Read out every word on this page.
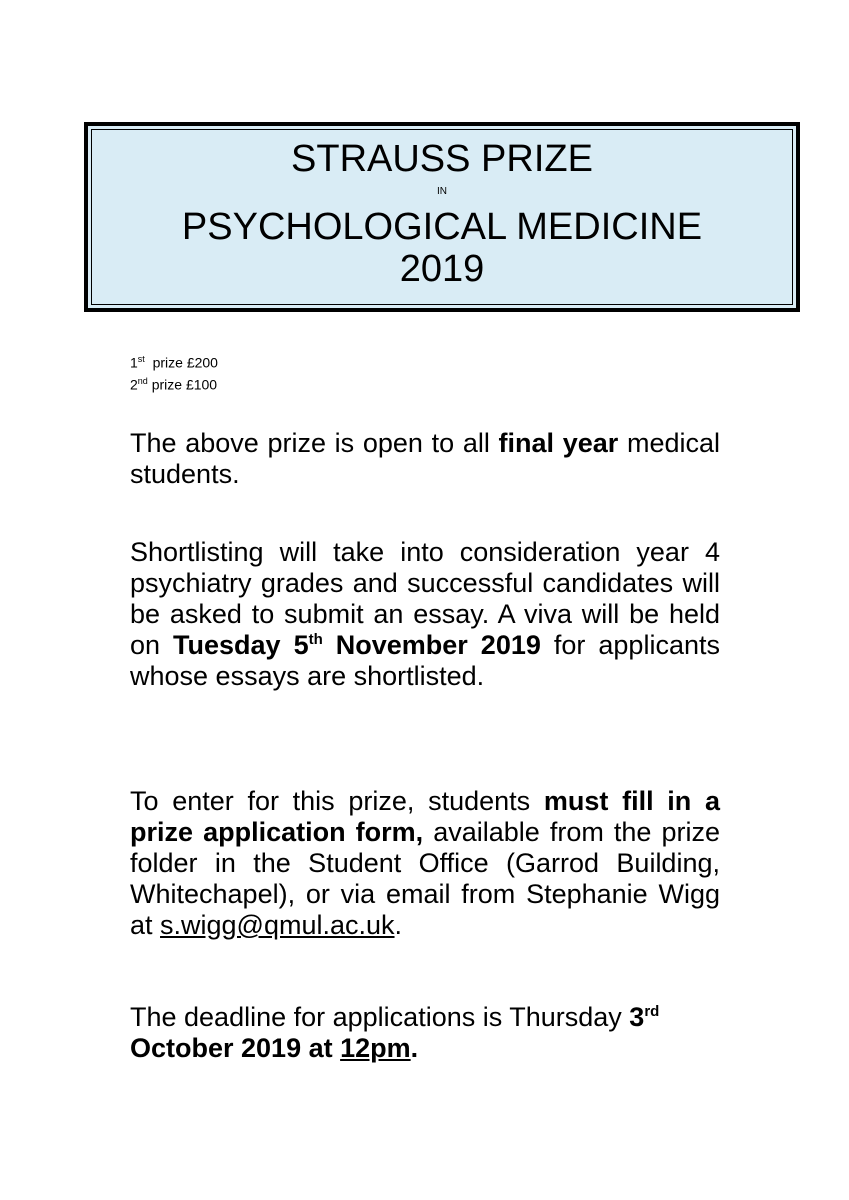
STRAUSS PRIZE
IN
PSYCHOLOGICAL MEDICINE
2019
1st prize £200
2nd prize £100

The above prize is open to all final year medical students.

Shortlisting will take into consideration year 4 psychiatry grades and successful candidates will be asked to submit an essay. A viva will be held on Tuesday 5th November 2019 for applicants whose essays are shortlisted.

To enter for this prize, students must fill in a prize application form, available from the prize folder in the Student Office (Garrod Building, Whitechapel), or via email from Stephanie Wigg at s.wigg@qmul.ac.uk.

The deadline for applications is Thursday 3rd October 2019 at 12pm.
